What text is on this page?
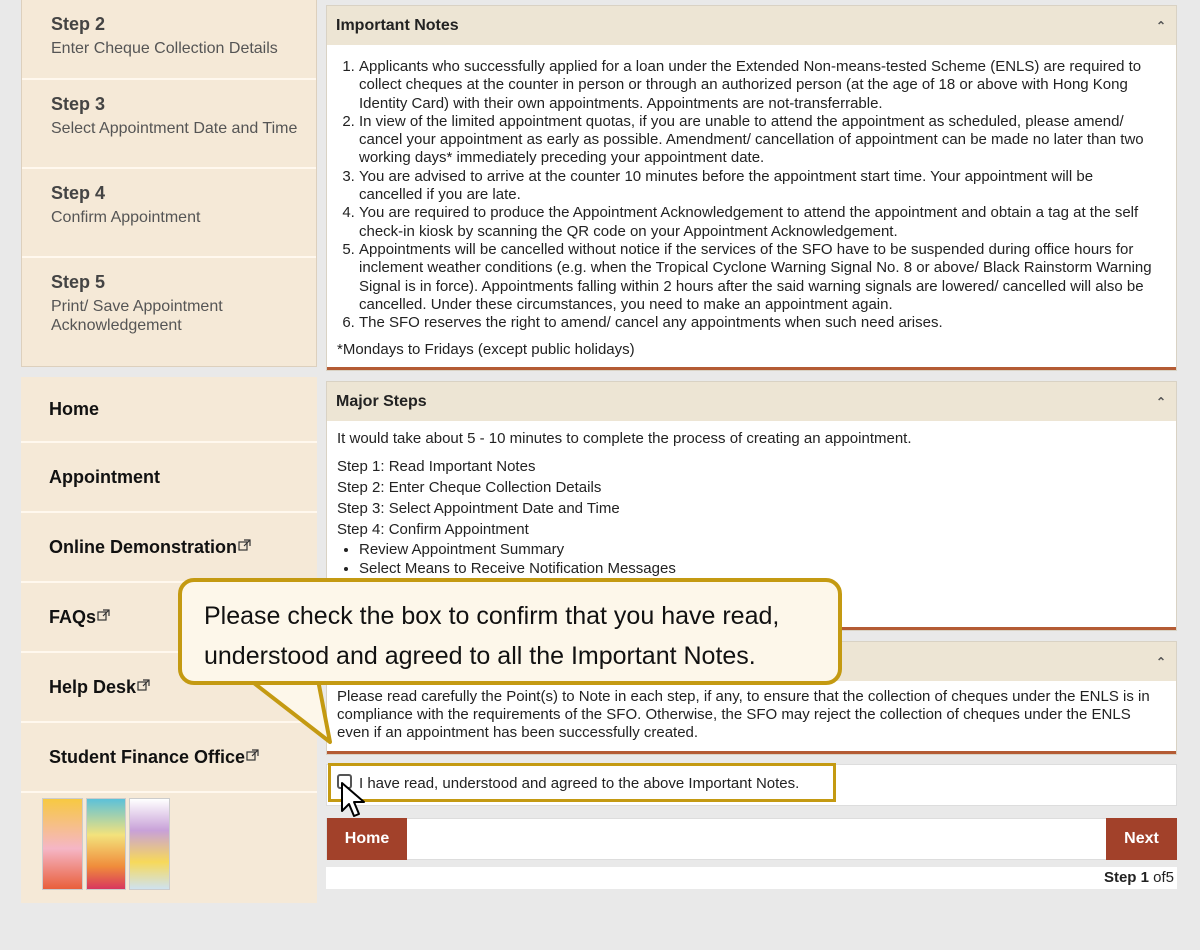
Step 2
Enter Cheque Collection Details
Step 3
Select Appointment Date and Time
Step 4
Confirm Appointment
Step 5
Print/ Save Appointment Acknowledgement
Home
Appointment
Online Demonstration
FAQs
Help Desk
Student Finance Office
Important Notes	⌃
1. Applicants who successfully applied for a loan under the Extended Non-means-tested Scheme (ENLS) are required to collect cheques at the counter in person or through an authorized person (at the age of 18 or above with Hong Kong Identity Card) with their own appointments. Appointments are not-transferrable.
2. In view of the limited appointment quotas, if you are unable to attend the appointment as scheduled, please amend/ cancel your appointment as early as possible. Amendment/ cancellation of appointment can be made no later than two working days* immediately preceding your appointment date.
3. You are advised to arrive at the counter 10 minutes before the appointment start time. Your appointment will be cancelled if you are late.
4. You are required to produce the Appointment Acknowledgement to attend the appointment and obtain a tag at the self check-in kiosk by scanning the QR code on your Appointment Acknowledgement.
5. Appointments will be cancelled without notice if the services of the SFO have to be suspended during office hours for inclement weather conditions (e.g. when the Tropical Cyclone Warning Signal No. 8 or above/ Black Rainstorm Warning Signal is in force). Appointments falling within 2 hours after the said warning signals are lowered/ cancelled will also be cancelled. Under these circumstances, you need to make an appointment again.
6. The SFO reserves the right to amend/ cancel any appointments when such need arises.
*Mondays to Fridays (except public holidays)
Major Steps	⌃
It would take about 5 - 10 minutes to complete the process of creating an appointment.
Step 1: Read Important Notes
Step 2: Enter Cheque Collection Details
Step 3: Select Appointment Date and Time
Step 4: Confirm Appointment
• Review Appointment Summary
• Select Means to Receive Notification Messages
⌃
Please read carefully the Point(s) to Note in each step, if any, to ensure that the collection of cheques under the ENLS is in compliance with the requirements of the SFO. Otherwise, the SFO may reject the collection of cheques under the ENLS even if an appointment has been successfully created.
I have read, understood and agreed to the above Important Notes.
Home	Next
Step 1 of5
Please check the box to confirm that you have read,
understood and agreed to all the Important Notes.
